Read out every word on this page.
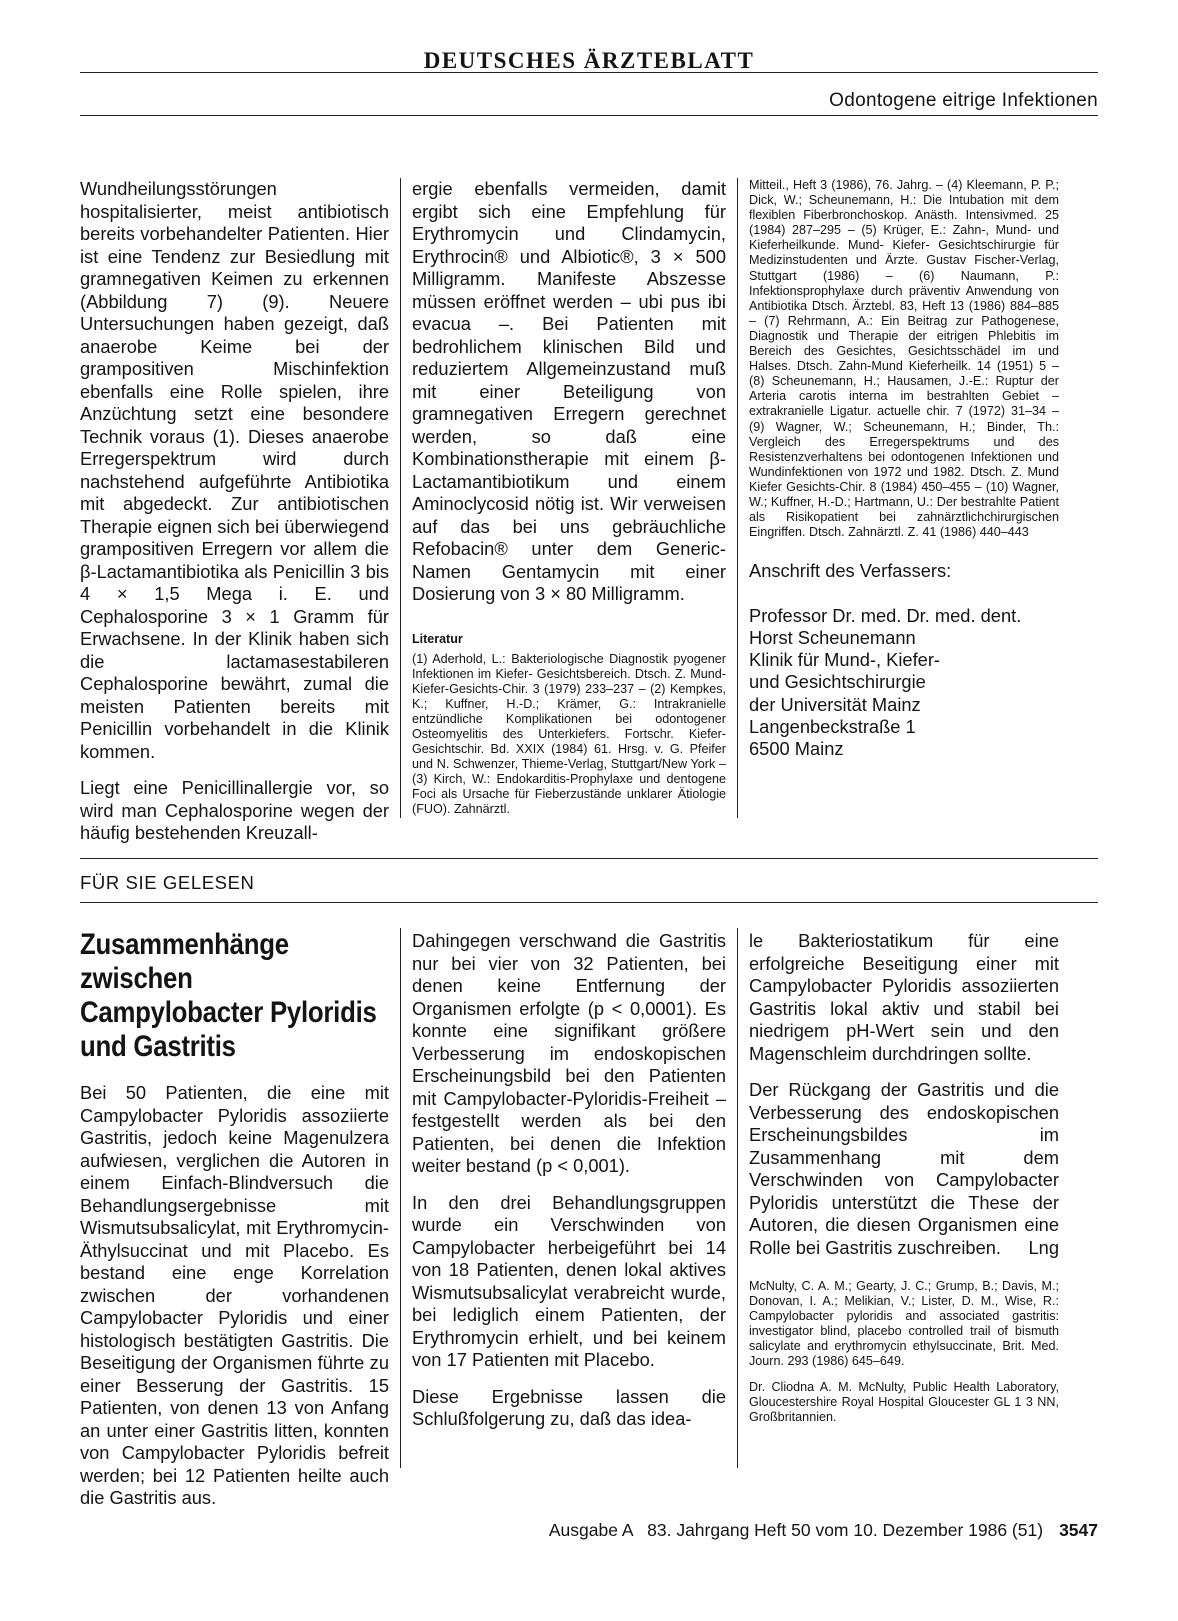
DEUTSCHES ÄRZTEBLATT
Odontogene eitrige Infektionen

Wundheilungsstörungen hospitalisierter, meist antibiotisch bereits vorbehandelter Patienten. Hier ist eine Tendenz zur Besiedlung mit gramnegativen Keimen zu erkennen (Abbildung 7) (9). Neuere Untersuchungen haben gezeigt, daß anaerobe Keime bei der grampositiven Mischinfektion ebenfalls eine Rolle spielen, ihre Anzüchtung setzt eine besondere Technik voraus (1). Dieses anaerobe Erregerspektrum wird durch nachstehend aufgeführte Antibiotika mit abgedeckt. Zur antibiotischen Therapie eignen sich bei überwiegend grampositiven Erregern vor allem die β-Lactamantibiotika als Penicillin 3 bis 4 × 1,5 Mega i. E. und Cephalosporine 3 × 1 Gramm für Erwachsene. In der Klinik haben sich die lactamasestabileren Cephalosporine bewährt, zumal die meisten Patienten bereits mit Penicillin vorbehandelt in die Klinik kommen.

Liegt eine Penicillinallergie vor, so wird man Cephalosporine wegen der häufig bestehenden Kreuzall-

ergie ebenfalls vermeiden, damit ergibt sich eine Empfehlung für Erythromycin und Clindamycin, Erythrocin® und Albiotic®, 3 × 500 Milligramm. Manifeste Abszesse müssen eröffnet werden – ubi pus ibi evacua –. Bei Patienten mit bedrohlichem klinischen Bild und reduziertem Allgemeinzustand muß mit einer Beteiligung von gramnegativen Erregern gerechnet werden, so daß eine Kombinationstherapie mit einem β-Lactamantibiotikum und einem Aminoclycosid nötig ist. Wir verweisen auf das bei uns gebräuchliche Refobacin® unter dem Generic-Namen Gentamycin mit einer Dosierung von 3 × 80 Milligramm.

Literatur

(1) Aderhold, L.: Bakteriologische Diagnostik pyogener Infektionen im Kiefer- Gesichtsbereich. Dtsch. Z. Mund-Kiefer-Gesichts-Chir. 3 (1979) 233–237 – (2) Kempkes, K.; Kuffner, H.-D.; Krämer, G.: Intrakranielle entzündliche Komplikationen bei odontogener Osteomyelitis des Unterkiefers. Fortschr. Kiefer-Gesichtschir. Bd. XXIX (1984) 61. Hrsg. v. G. Pfeifer und N. Schwenzer, Thieme-Verlag, Stuttgart/New York – (3) Kirch, W.: Endokarditis-Prophylaxe und dentogene Foci als Ursache für Fieberzustände unklarer Ätiologie (FUO). Zahnärztl.

Mitteil., Heft 3 (1986), 76. Jahrg. – (4) Kleemann, P. P.; Dick, W.; Scheunemann, H.: Die Intubation mit dem flexiblen Fiberbronchoskop. Anästh. Intensivmed. 25 (1984) 287–295 – (5) Krüger, E.: Zahn-, Mund- und Kieferheilkunde. Mund- Kiefer- Gesichtschirurgie für Medizinstudenten und Ärzte. Gustav Fischer-Verlag, Stuttgart (1986) – (6) Naumann, P.: Infektionsprophylaxe durch präventiv Anwendung von Antibiotika Dtsch. Ärztebl. 83, Heft 13 (1986) 884–885 – (7) Rehrmann, A.: Ein Beitrag zur Pathogenese, Diagnostik und Therapie der eitrigen Phlebitis im Bereich des Gesichtes, Gesichtsschädel im und Halses. Dtsch. Zahn-Mund Kieferheilk. 14 (1951) 5 – (8) Scheunemann, H.; Hausamen, J.-E.: Ruptur der Arteria carotis interna im bestrahlten Gebiet – extrakranielle Ligatur. actuelle chir. 7 (1972) 31–34 – (9) Wagner, W.; Scheunemann, H.; Binder, Th.: Vergleich des Erregerspektrums und des Resistenzverhaltens bei odontogenen Infektionen und Wundinfektionen von 1972 und 1982. Dtsch. Z. Mund Kiefer Gesichts-Chir. 8 (1984) 450–455 – (10) Wagner, W.; Kuffner, H.-D.; Hartmann, U.: Der bestrahlte Patient als Risikopatient bei zahnärztlichchirurgischen Eingriffen. Dtsch. Zahnärztl. Z. 41 (1986) 440–443

Anschrift des Verfassers:

Professor Dr. med. Dr. med. dent.

Horst Scheunemann

Klinik für Mund-, Kiefer-

und Gesichtschirurgie

der Universität Mainz

Langenbeckstraße 1

6500 Mainz

FÜR SIE GELESEN
Zusammenhänge zwischen
Campylobacter Pyloridis
und Gastritis

Bei 50 Patienten, die eine mit Campylobacter Pyloridis assoziierte Gastritis, jedoch keine Magenulzera aufwiesen, verglichen die Autoren in einem Einfach-Blindversuch die Behandlungsergebnisse mit Wismutsubsalicylat, mit Erythromycin-Äthylsuccinat und mit Placebo. Es bestand eine enge Korrelation zwischen der vorhandenen Campylobacter Pyloridis und einer histologisch bestätigten Gastritis. Die Beseitigung der Organismen führte zu einer Besserung der Gastritis. 15 Patienten, von denen 13 von Anfang an unter einer Gastritis litten, konnten von Campylobacter Pyloridis befreit werden; bei 12 Patienten heilte auch die Gastritis aus.

Dahingegen verschwand die Gastritis nur bei vier von 32 Patienten, bei denen keine Entfernung der Organismen erfolgte (p < 0,0001). Es konnte eine signifikant größere Verbesserung im endoskopischen Erscheinungsbild bei den Patienten mit Campylobacter-Pyloridis-Freiheit – festgestellt werden als bei den Patienten, bei denen die Infektion weiter bestand (p < 0,001).

In den drei Behandlungsgruppen wurde ein Verschwinden von Campylobacter herbeigeführt bei 14 von 18 Patienten, denen lokal aktives Wismutsubsalicylat verabreicht wurde, bei lediglich einem Patienten, der Erythromycin erhielt, und bei keinem von 17 Patienten mit Placebo.

Diese Ergebnisse lassen die Schlußfolgerung zu, daß das idea-

le Bakteriostatikum für eine erfolgreiche Beseitigung einer mit Campylobacter Pyloridis assoziierten Gastritis lokal aktiv und stabil bei niedrigem pH-Wert sein und den Magenschleim durchdringen sollte.

Der Rückgang der Gastritis und die Verbesserung des endoskopischen Erscheinungsbildes im Zusammenhang mit dem Verschwinden von Campylobacter Pyloridis unterstützt die These der Autoren, die diesen Organismen eine Rolle bei Gastritis zuschreiben. Lng

McNulty, C. A. M.; Gearty, J. C.; Grump, B.; Davis, M.; Donovan, I. A.; Melikian, V.; Lister, D. M., Wise, R.: Campylobacter pyloridis and associated gastritis: investigator blind, placebo controlled trail of bismuth salicylate and erythromycin ethylsuccinate, Brit. Med. Journ. 293 (1986) 645–649.

Dr. Cliodna A. M. McNulty, Public Health Laboratory, Gloucestershire Royal Hospital Gloucester GL 1 3 NN, Großbritannien.

Ausgabe A   83. Jahrgang Heft 50 vom 10. Dezember 1986 (51) 3547
